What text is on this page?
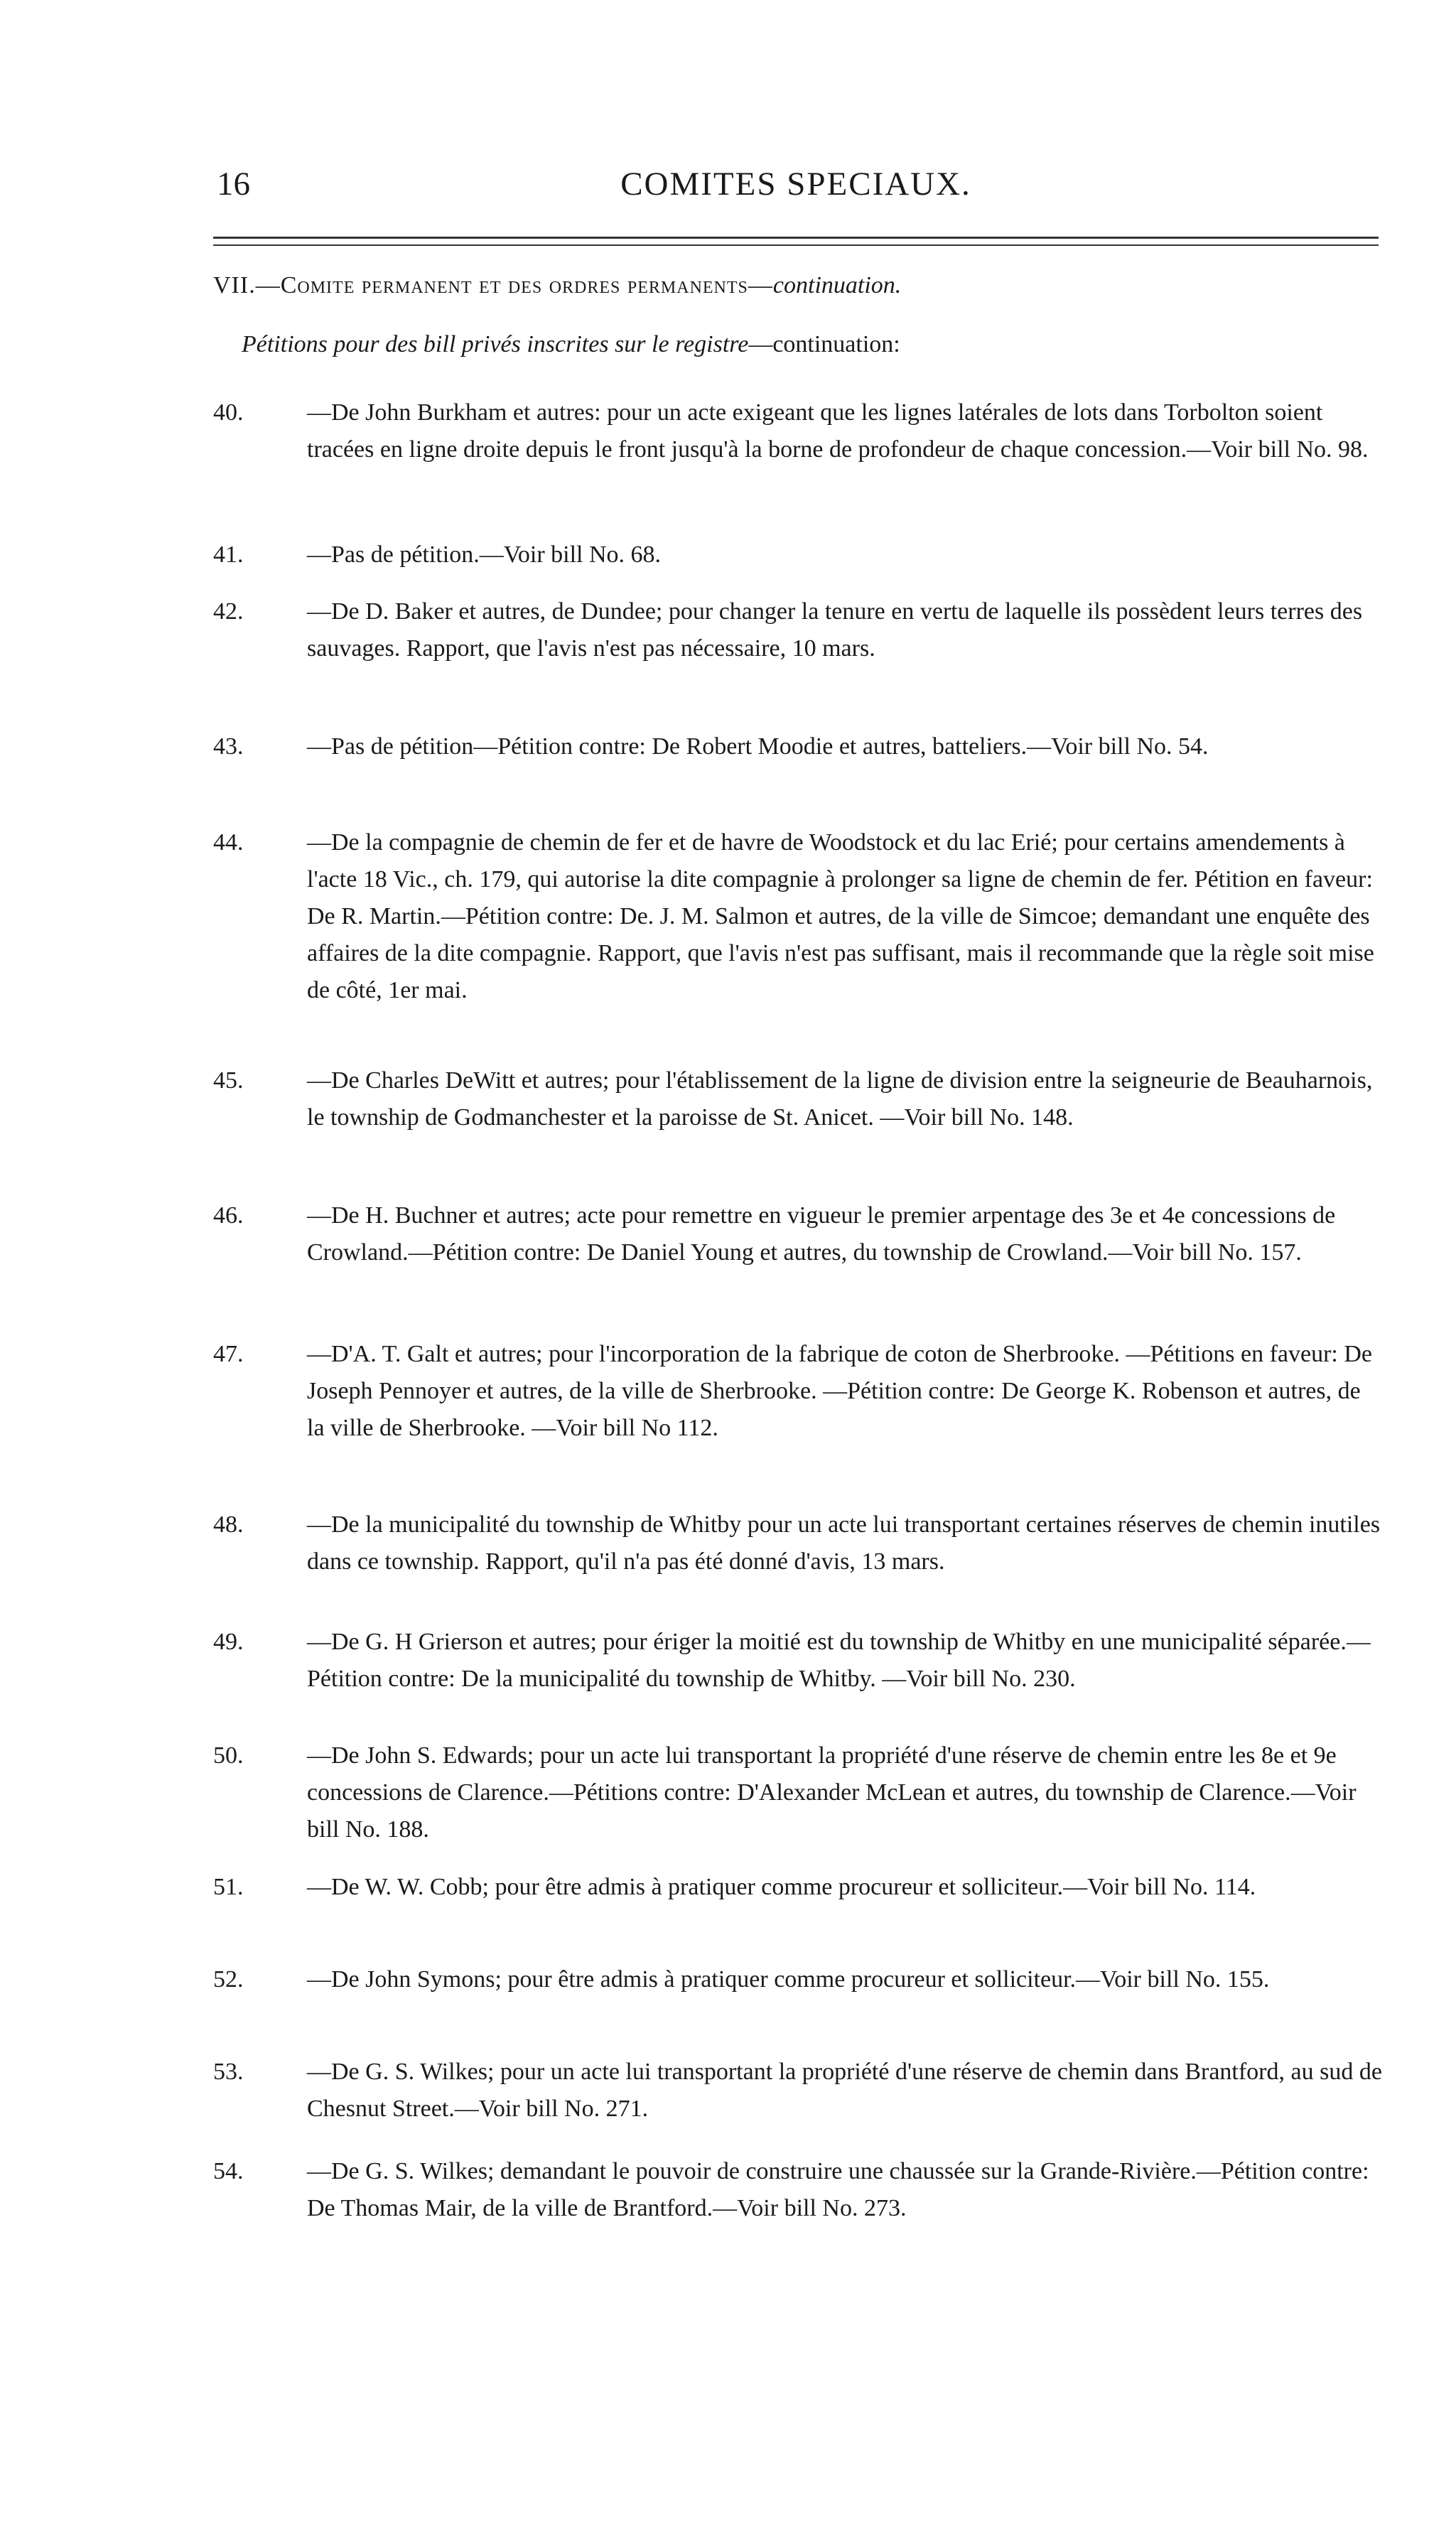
16	COMITES SPECIAUX.
VII.—Comite permanent et des ordres permanents—continuation.
Pétitions pour des bill privés inscrites sur le registre—continuation:
40.	—De John Burkham et autres: pour un acte exigeant que les lignes latérales de lots dans Torbolton soient tracées en ligne droite depuis le front jusqu'à la borne de profondeur de chaque concession.—Voir bill No. 98.
41.	—Pas de pétition.—Voir bill No. 68.
42.	—De D. Baker et autres, de Dundee; pour changer la tenure en vertu de laquelle ils possèdent leurs terres des sauvages. Rapport, que l'avis n'est pas nécessaire, 10 mars.
43.	—Pas de pétition—Pétition contre: De Robert Moodie et autres, batteliers.—Voir bill No. 54.
44.	—De la compagnie de chemin de fer et de havre de Woodstock et du lac Erié; pour certains amendements à l'acte 18 Vic., ch. 179, qui autorise la dite compagnie à prolonger sa ligne de chemin de fer. Pétition en faveur: De R. Martin.—Pétition contre: De. J. M. Salmon et autres, de la ville de Simcoe; demandant une enquête des affaires de la dite compagnie. Rapport, que l'avis n'est pas suffisant, mais il recommande que la règle soit mise de côté, 1er mai.
45.	—De Charles DeWitt et autres; pour l'établissement de la ligne de division entre la seigneurie de Beauharnois, le township de Godmanchester et la paroisse de St. Anicet. —Voir bill No. 148.
46.	—De H. Buchner et autres; acte pour remettre en vigueur le premier arpentage des 3e et 4e concessions de Crowland.—Pétition contre: De Daniel Young et autres, du township de Crowland.—Voir bill No. 157.
47.	—D'A. T. Galt et autres; pour l'incorporation de la fabrique de coton de Sherbrooke. —Pétitions en faveur: De Joseph Pennoyer et autres, de la ville de Sherbrooke. —Pétition contre: De George K. Robenson et autres, de la ville de Sherbrooke. —Voir bill No 112.
48.	—De la municipalité du township de Whitby pour un acte lui transportant certaines réserves de chemin inutiles dans ce township. Rapport, qu'il n'a pas été donné d'avis, 13 mars.
49.	—De G. H Grierson et autres; pour ériger la moitié est du township de Whitby en une municipalité séparée.—Pétition contre: De la municipalité du township de Whitby. —Voir bill No. 230.
50.	—De John S. Edwards; pour un acte lui transportant la propriété d'une réserve de chemin entre les 8e et 9e concessions de Clarence.—Pétitions contre: D'Alexander McLean et autres, du township de Clarence.—Voir bill No. 188.
51.	—De W. W. Cobb; pour être admis à pratiquer comme procureur et solliciteur.—Voir bill No. 114.
52.	—De John Symons; pour être admis à pratiquer comme procureur et solliciteur.—Voir bill No. 155.
53.	—De G. S. Wilkes; pour un acte lui transportant la propriété d'une réserve de chemin dans Brantford, au sud de Chesnut Street.—Voir bill No. 271.
54.	—De G. S. Wilkes; demandant le pouvoir de construire une chaussée sur la Grande-Rivière.—Pétition contre: De Thomas Mair, de la ville de Brantford.—Voir bill No. 273.
